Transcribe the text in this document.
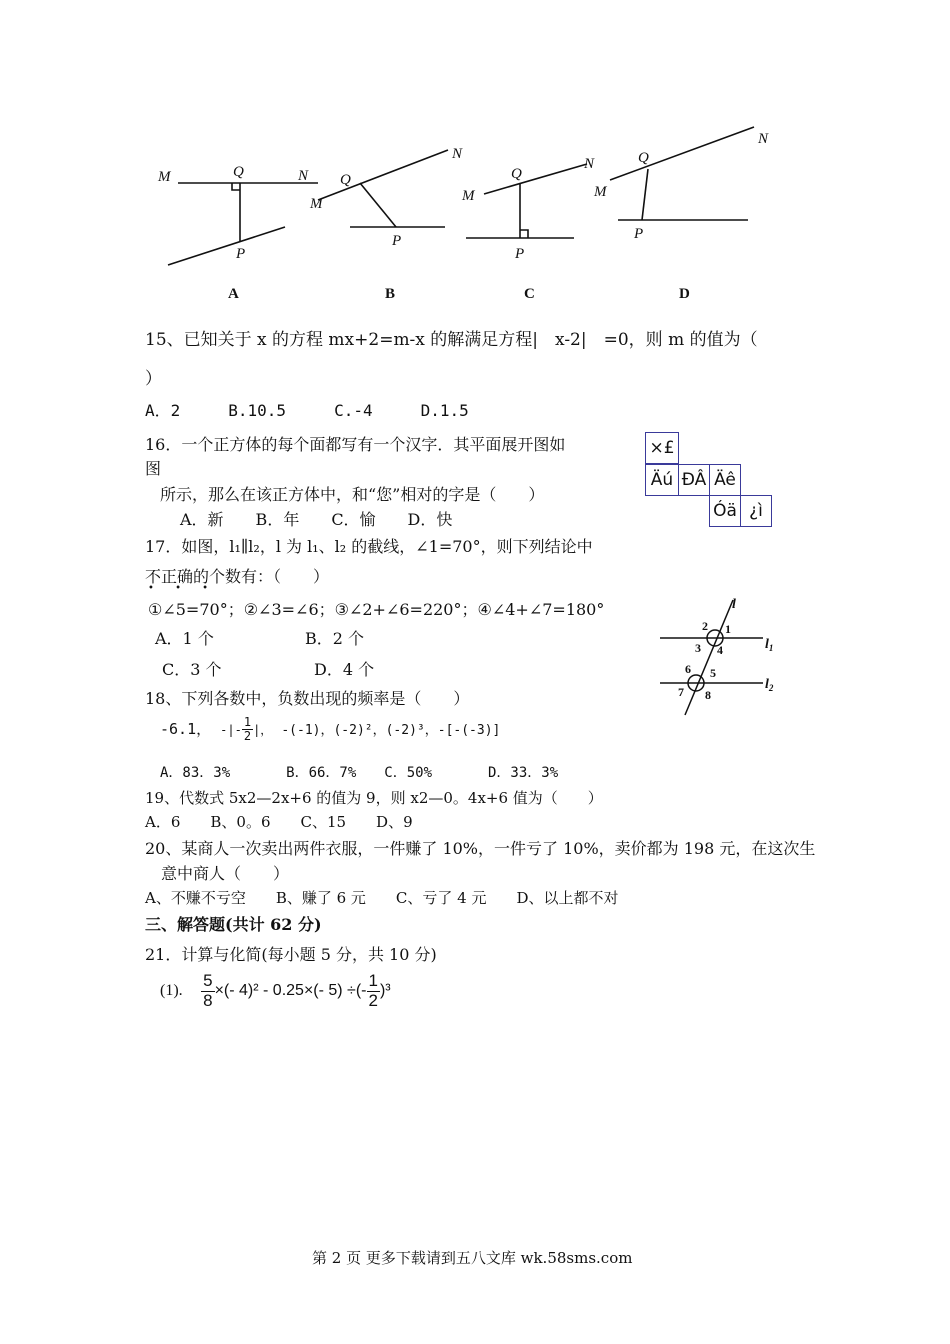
M	Q	N
P
M
Q
N
P
M
Q
N
P
M
Q
N
P
A	B	C	D
15、已知关于 x 的方程 mx+2=m-x 的解满足方程|　x-2|　=0，则 m 的值为（
）
A．2　　　B.10.5　　　C.-4　　　D.1.5
16．一个正方体的每个面都写有一个汉字．其平面展开图如
图
所示，那么在该正方体中，和“您”相对的字是（　　）
A．新　　B．年　　C．愉　　D．快
×£
Äú ĐÂ Äê
Óä ¿ì
17．如图，l₁∥l₂，l 为 l₁、l₂ 的截线，∠1=70°，则下列结论中
不正确的个数有：（　　）
• • •
①∠5=70°；②∠3=∠6；③∠2+∠6=220°；④∠4+∠7=180°
A．1 个	B．2 个
C．3 个	D．4 个
2 1
3 4
6 5
7 8
l
$l_1$
$l_2$
18、下列各数中，负数出现的频率是（　　）
-6.1， -|- $\frac{1}{2}$ |， -(-1)，(-2)²，(-2)³，-[-(-3)]
A．83．3%　　　　B．66．7%　　C．50%　　　　D．33．3%
19、代数式 5x2—2x+6 的值为 9，则 x2—0。4x+6 值为（　　）
A．6　　B、0。6　　C、15　　D、9
20、某商人一次卖出两件衣服，一件赚了 10%，一件亏了 10%，卖价都为 198 元，在这次生
意中商人（　　）
A、不赚不亏空　　B、赚了 6 元　　C、亏了 4 元　　D、以上都不对
三、解答题(共计 62 分)
21．计算与化简(每小题 5 分，共 10 分)
(1). $\frac{5}{8}$ ×(- 4)² - 0.25×(- 5) ÷(- $\frac{1}{2} )^3$
第 2 页 更多下载请到五八文库 wk.58sms.com
